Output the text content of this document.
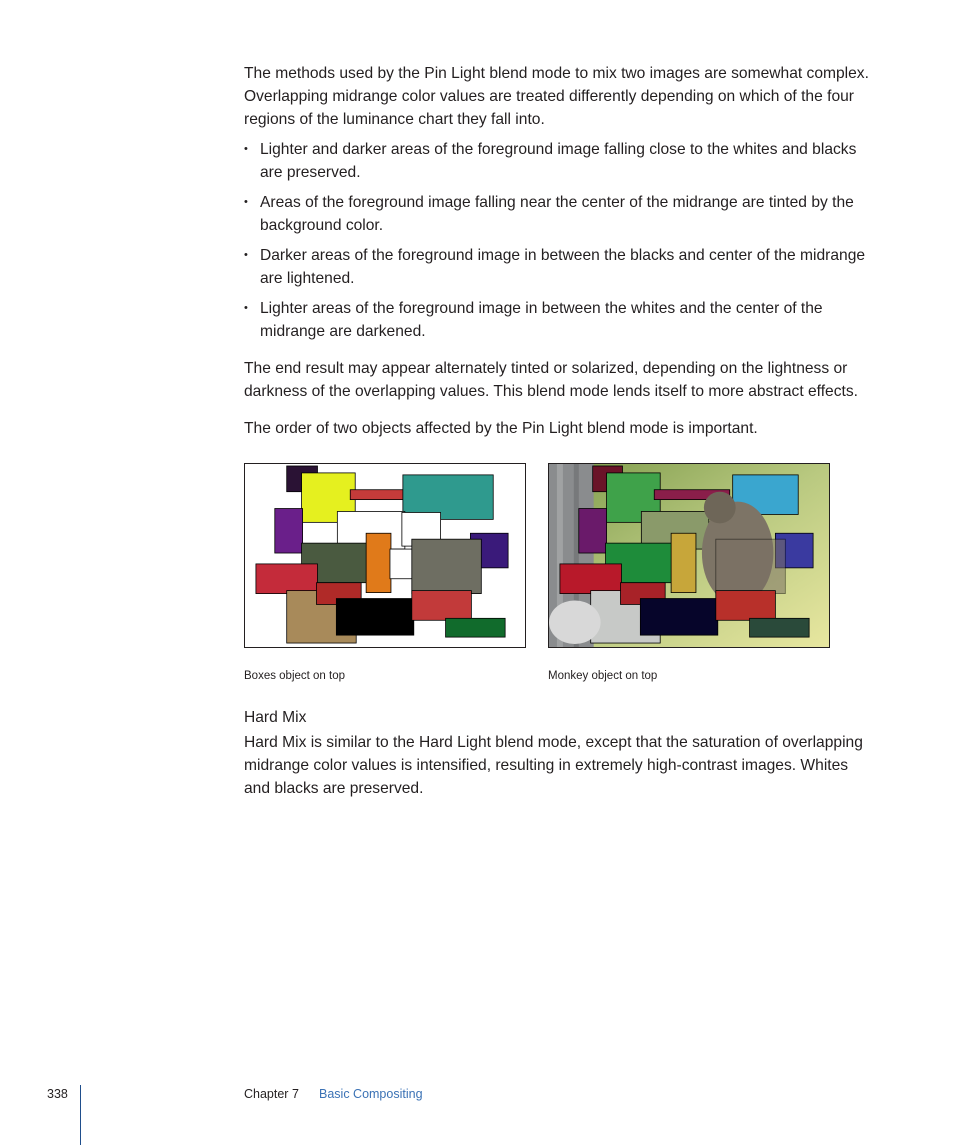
The methods used by the Pin Light blend mode to mix two images are somewhat complex. Overlapping midrange color values are treated differently depending on which of the four regions of the luminance chart they fall into.

• Lighter and darker areas of the foreground image falling close to the whites and blacks are preserved.
• Areas of the foreground image falling near the center of the midrange are tinted by the background color.
• Darker areas of the foreground image in between the blacks and center of the midrange are lightened.
• Lighter areas of the foreground image in between the whites and the center of the midrange are darkened.

The end result may appear alternately tinted or solarized, depending on the lightness or darkness of the overlapping values. This blend mode lends itself to more abstract effects.

The order of two objects affected by the Pin Light blend mode is important.

Boxes object on top	Monkey object on top
Hard Mix

Hard Mix is similar to the Hard Light blend mode, except that the saturation of overlapping midrange color values is intensified, resulting in extremely high-contrast images. Whites and blacks are preserved.

338	Chapter 7 Basic Compositing
